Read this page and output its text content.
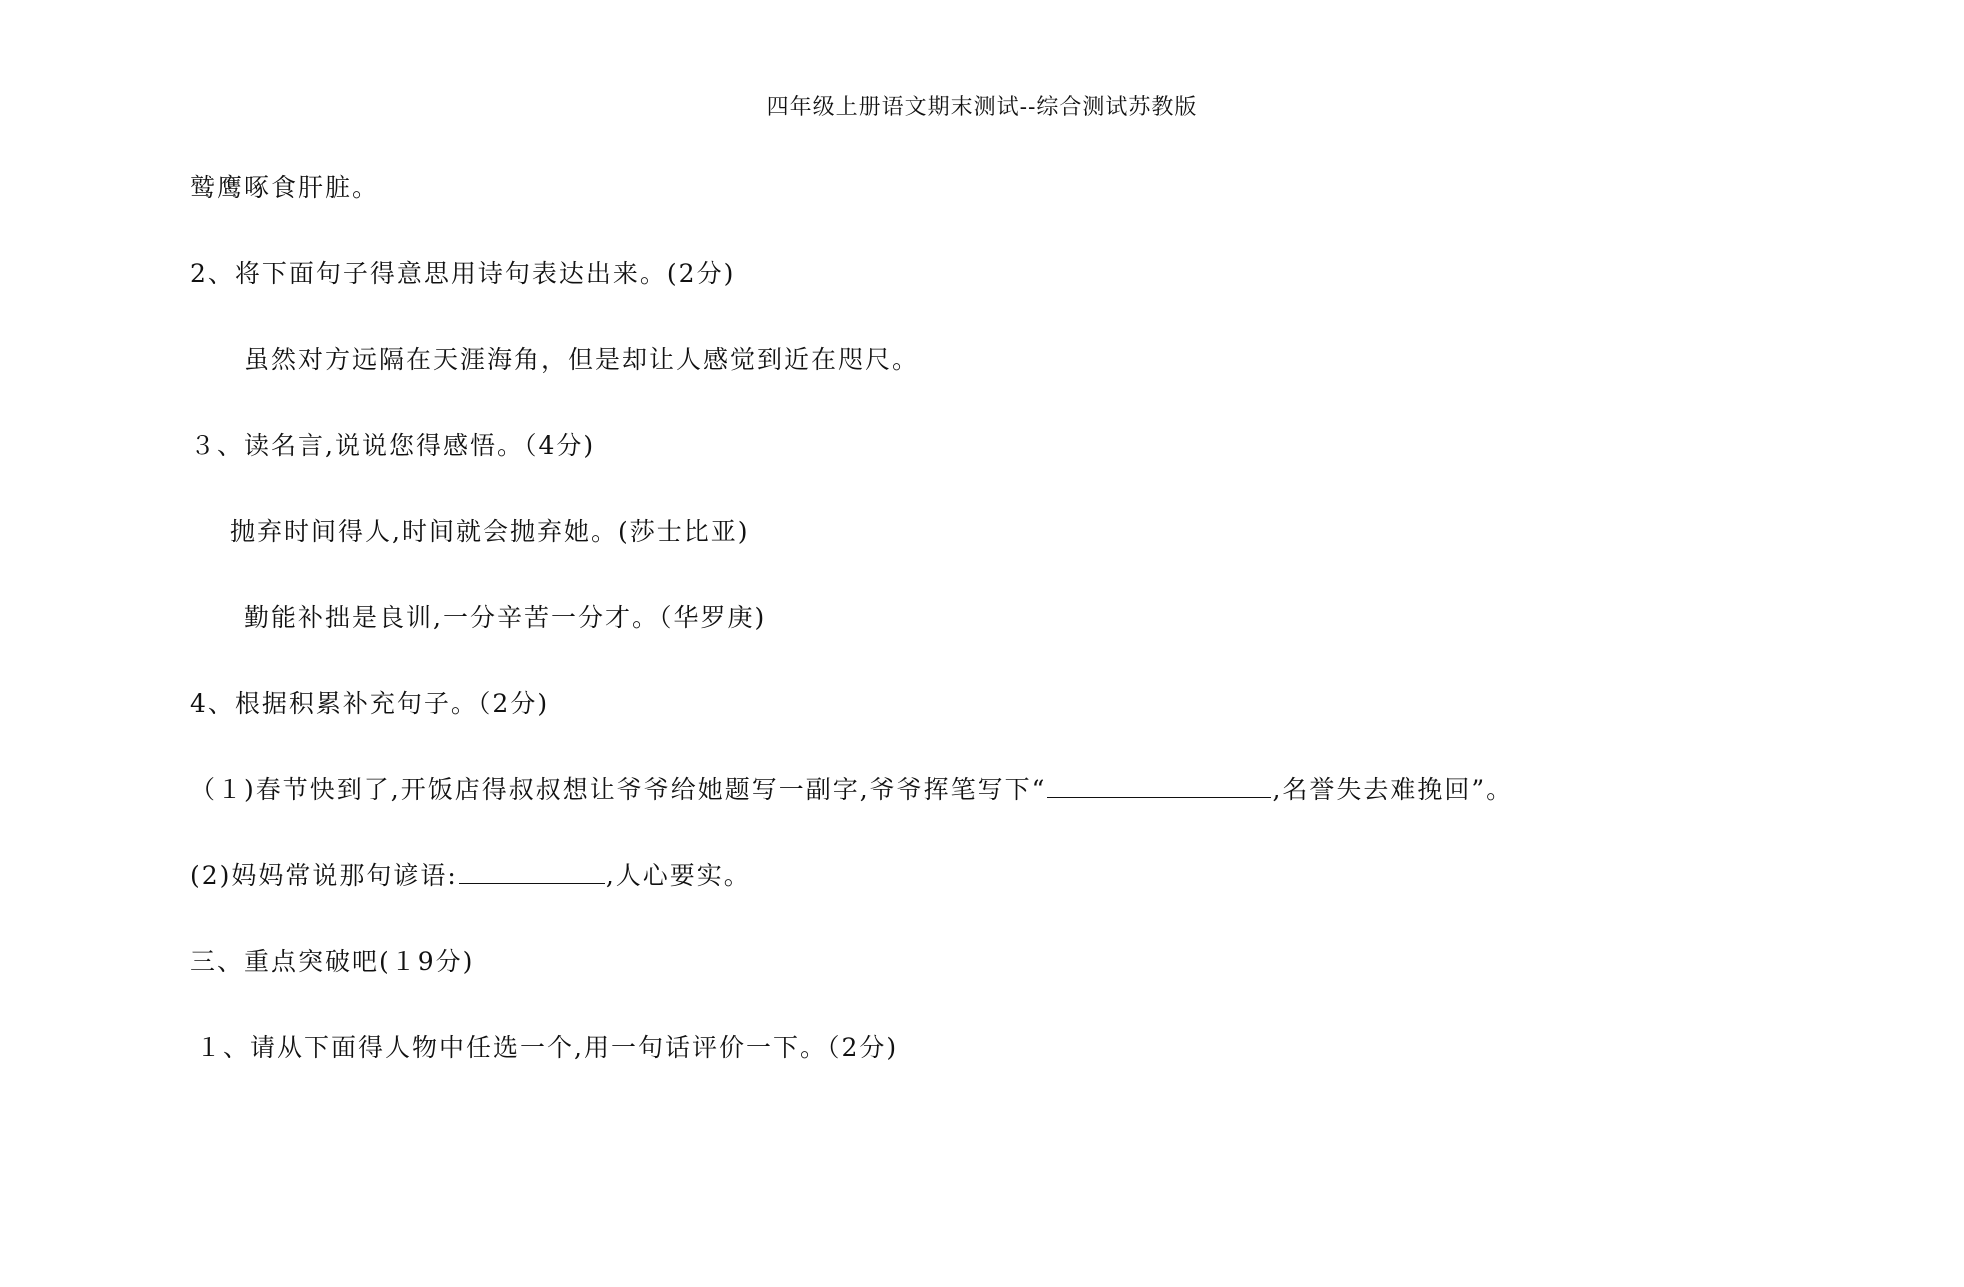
四年级上册语文期末测试--综合测试苏教版
鹫鹰啄食肝脏。
2、将下面句子得意思用诗句表达出来。(2分)
虽然对方远隔在天涯海角，但是却让人感觉到近在咫尺。
３、读名言,说说您得感悟。（4分)
抛弃时间得人,时间就会抛弃她。(莎士比亚)
勤能补拙是良训,一分辛苦一分才。（华罗庚)
4、根据积累补充句子。（2分)
（１)春节快到了,开饭店得叔叔想让爷爷给她题写一副字,爷爷挥笔写下“	,名誉失去难挽回”。
(2)妈妈常说那句谚语:	,人心要实。
三、重点突破吧(１9分)
１、请从下面得人物中任选一个,用一句话评价一下。（2分)
